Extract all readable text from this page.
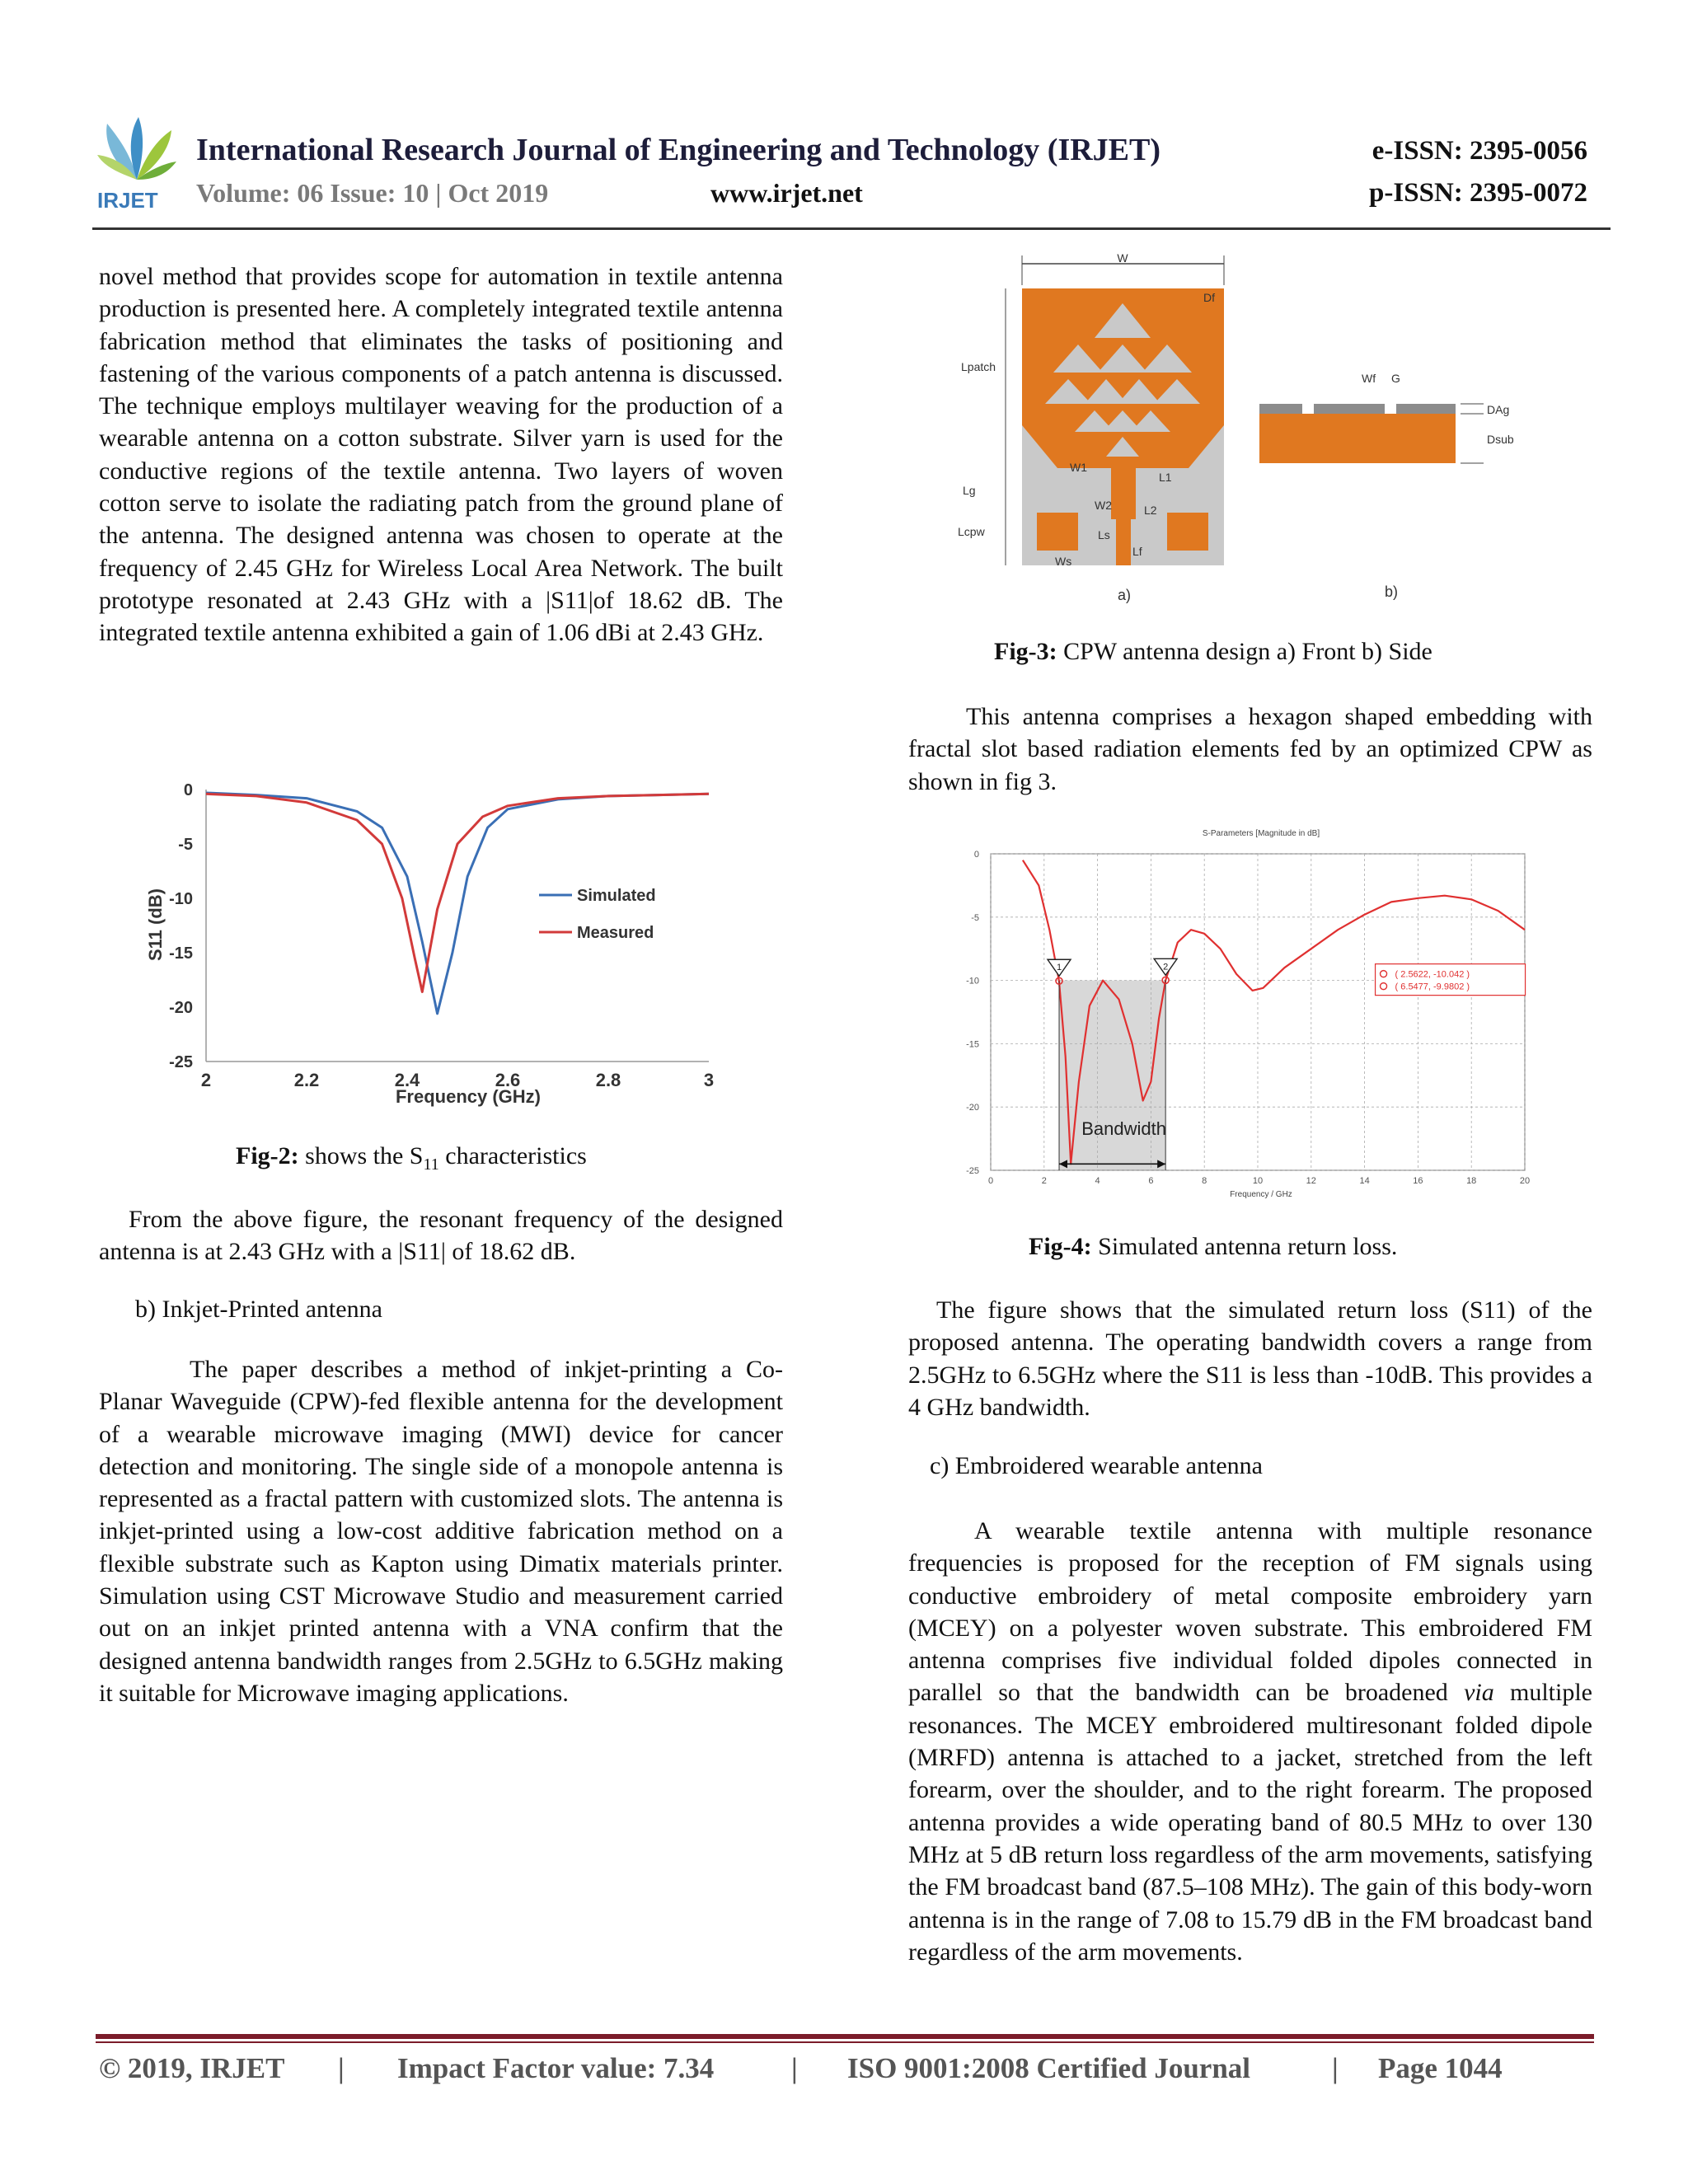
IRJET
International Research Journal of Engineering and Technology (IRJET)
Volume: 06 Issue: 10 | Oct 2019	www.irjet.net
e-ISSN: 2395-0056
p-ISSN: 2395-0072

novel method that provides scope for automation in textile antenna production is presented here. A completely integrated textile antenna fabrication method that eliminates the tasks of positioning and fastening of the various components of a patch antenna is discussed. The technique employs multilayer weaving for the production of a wearable antenna on a cotton substrate. Silver yarn is used for the conductive regions of the textile antenna. Two layers of woven cotton serve to isolate the radiating patch from the ground plane of the antenna. The designed antenna was chosen to operate at the frequency of 2.45 GHz for Wireless Local Area Network. The built prototype resonated at 2.43 GHz with a |S11|of 18.62 dB. The integrated textile antenna exhibited a gain of 1.06 dBi at 2.43 GHz.

2	2.2	2.4	2.6	2.8	3
0
-5
-10
-15
-20
-25
Frequency (GHz)
S11 (dB)	Simulated
Measured
Fig-2: shows the $S_{11}$ characteristics

From the above figure, the resonant frequency of the designed antenna is at 2.43 GHz with a |S11| of 18.62 dB.

b) Inkjet-Printed antenna

The paper describes a method of inkjet-printing a Co-Planar Waveguide (CPW)-fed flexible antenna for the development of a wearable microwave imaging (MWI) device for cancer detection and monitoring. The single side of a monopole antenna is represented as a fractal pattern with customized slots. The antenna is inkjet-printed using a low-cost additive fabrication method on a flexible substrate such as Kapton using Dimatix materials printer. Simulation using CST Microwave Studio and measurement carried out on an inkjet printed antenna with a VNA confirm that the designed antenna bandwidth ranges from 2.5GHz to 6.5GHz making it suitable for Microwave imaging applications.

W
Df
Lpatch
W1
L1
W2	L2
Lg
Lcpw	Ls
Ws
Lf
a)
Wf G
DAg
Dsub
b)
Fig-3: CPW antenna design a) Front b) Side

This antenna comprises a hexagon shaped embedding with fractal slot based radiation elements fed by an optimized CPW as shown in fig 3.

S-Parameters [Magnitude in dB]
0	2	4	6	8	10	12	14	16	18	20
0
-5
-10
-15
-20
-25
1	2
( 2.5622, -10.042 )
( 6.5477, -9.9802 )
Frequency / GHz
Bandwidth
Fig-4: Simulated antenna return loss.

The figure shows that the simulated return loss (S11) of the proposed antenna. The operating bandwidth covers a range from 2.5GHz to 6.5GHz where the S11 is less than -10dB. This provides a 4 GHz bandwidth.

c) Embroidered wearable antenna

A wearable textile antenna with multiple resonance frequencies is proposed for the reception of FM signals using conductive embroidery of metal composite embroidery yarn (MCEY) on a polyester woven substrate. This embroidered FM antenna comprises five individual folded dipoles connected in parallel so that the bandwidth can be broadened via multiple resonances. The MCEY embroidered multiresonant folded dipole (MRFD) antenna is attached to a jacket, stretched from the left forearm, over the shoulder, and to the right forearm. The proposed antenna provides a wide operating band of 80.5 MHz to over 130 MHz at 5 dB return loss regardless of the arm movements, satisfying the FM broadcast band (87.5–108 MHz). The gain of this body-worn antenna is in the range of 7.08 to 15.79 dB in the FM broadcast band regardless of the arm movements.

© 2019, IRJET | Impact Factor value: 7.34	| ISO 9001:2008 Certified Journal	| Page 1044
